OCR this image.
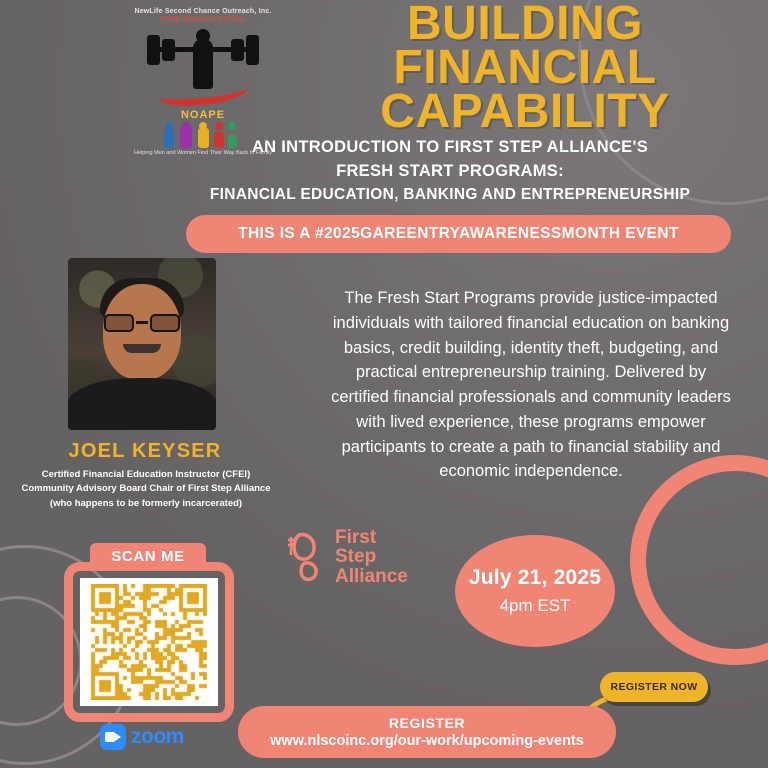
NewLife Second Chance Outreach, Inc.
PRIDE CHIGAGO FESTIVAL
NOAPE
Helping Men and Women Find Their Way Back to Family
BUILDING
FINANCIAL
CAPABILITY
AN INTRODUCTION TO FIRST STEP ALLIANCE'S
FRESH START PROGRAMS:

FINANCIAL EDUCATION, BANKING AND ENTREPRENEURSHIP
THIS IS A #2025GAREENTRYAWARENESSMONTH EVENT
JOEL KEYSER
Certified Financial Education Instructor (CFEI)
Community Advisory Board Chair of First Step Alliance
(who happens to be formerly incarcerated)
The Fresh Start Programs provide justice-impacted individuals with tailored financial education on banking basics, credit building, identity theft, budgeting, and practical entrepreneurship training. Delivered by certified financial professionals and community leaders with lived experience, these programs empower participants to create a path to financial stability and economic independence.
SCAN ME
zoom
First
Step
Alliance	July 21, 2025
4pm EST
REGISTER NOW
REGISTER
www.nlscoinc.org/our-work/upcoming-events
